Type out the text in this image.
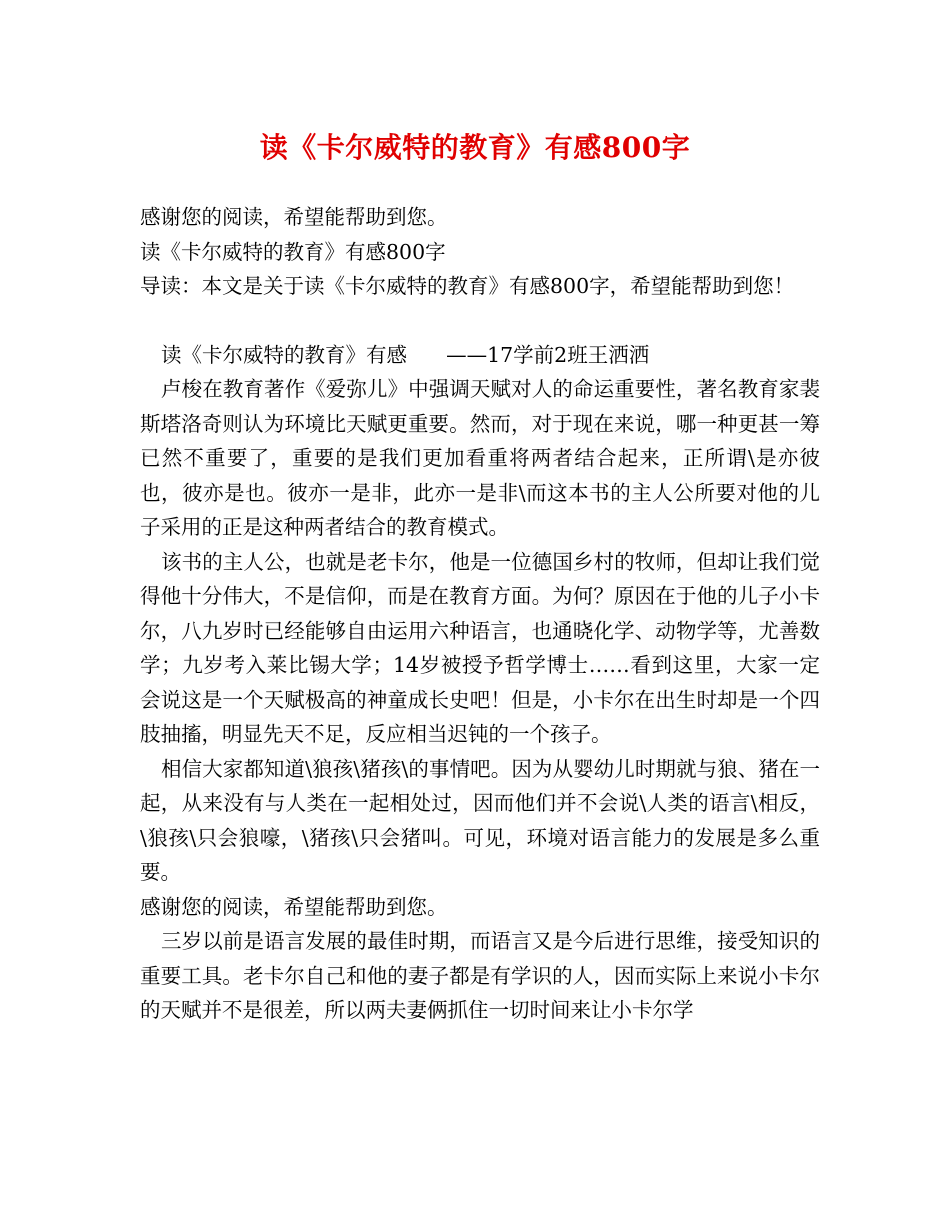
读《卡尔威特的教育》有感800字

感谢您的阅读，希望能帮助到您。

读《卡尔威特的教育》有感800字

导读：本文是关于读《卡尔威特的教育》有感800字，希望能帮助到您！

读《卡尔威特的教育》有感      ——17学前2班王洒洒

卢梭在教育著作《爱弥儿》中强调天赋对人的命运重要性，著名教育家裴斯塔洛奇则认为环境比天赋更重要。然而，对于现在来说，哪一种更甚一筹已然不重要了，重要的是我们更加看重将两者结合起来，正所谓\是亦彼也，彼亦是也。彼亦一是非，此亦一是非\而这本书的主人公所要对他的儿子采用的正是这种两者结合的教育模式。

该书的主人公，也就是老卡尔，他是一位德国乡村的牧师，但却让我们觉得他十分伟大，不是信仰，而是在教育方面。为何？原因在于他的儿子小卡尔，八九岁时已经能够自由运用六种语言，也通晓化学、动物学等，尤善数学；九岁考入莱比锡大学；14岁被授予哲学博士……看到这里，大家一定会说这是一个天赋极高的神童成长史吧！但是，小卡尔在出生时却是一个四肢抽搐，明显先天不足，反应相当迟钝的一个孩子。

相信大家都知道\狼孩\猪孩\的事情吧。因为从婴幼儿时期就与狼、猪在一起，从来没有与人类在一起相处过，因而他们并不会说\人类的语言\相反，\狼孩\只会狼嚎，\猪孩\只会猪叫。可见，环境对语言能力的发展是多么重要。

感谢您的阅读，希望能帮助到您。

三岁以前是语言发展的最佳时期，而语言又是今后进行思维，接受知识的重要工具。老卡尔自己和他的妻子都是有学识的人，因而实际上来说小卡尔的天赋并不是很差，所以两夫妻俩抓住一切时间来让小卡尔学
